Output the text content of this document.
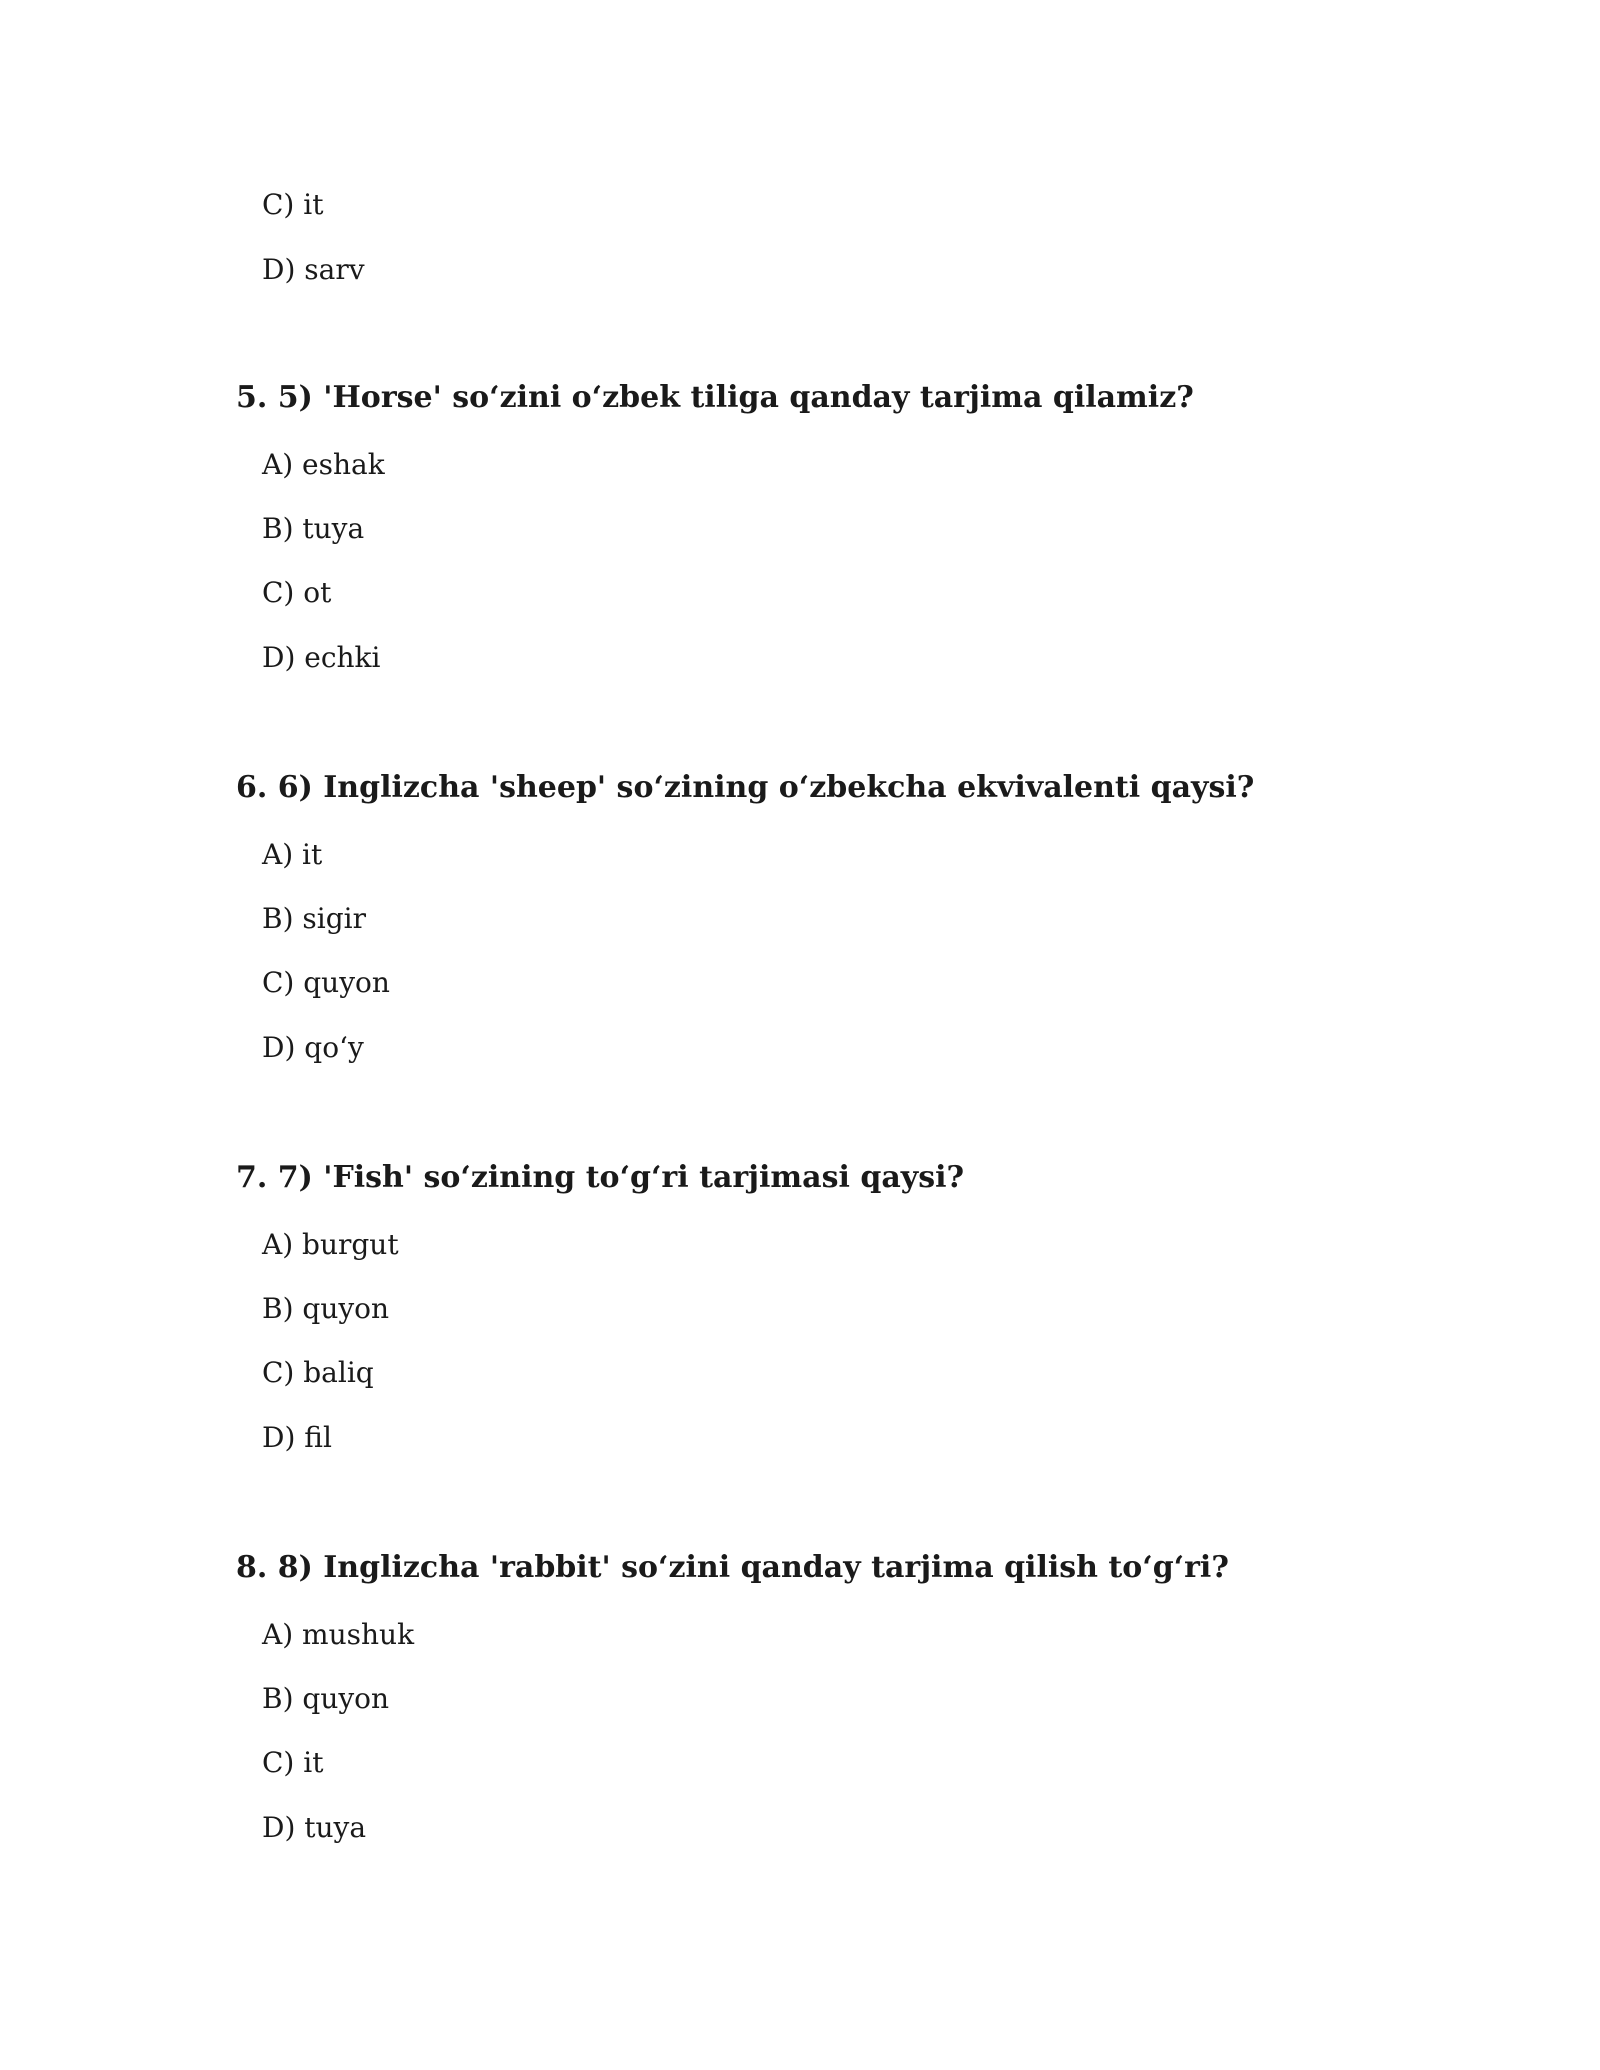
C) it
D) sarv
5. 5) 'Horse' so‘zini o‘zbek tiliga qanday tarjima qilamiz?
A) eshak
B) tuya
C) ot
D) echki
6. 6) Inglizcha 'sheep' so‘zining o‘zbekcha ekvivalenti qaysi?
A) it
B) sigir
C) quyon
D) qo‘y
7. 7) 'Fish' so‘zining to‘g‘ri tarjimasi qaysi?
A) burgut
B) quyon
C) baliq
D) fil
8. 8) Inglizcha 'rabbit' so‘zini qanday tarjima qilish to‘g‘ri?
A) mushuk
B) quyon
C) it
D) tuya
